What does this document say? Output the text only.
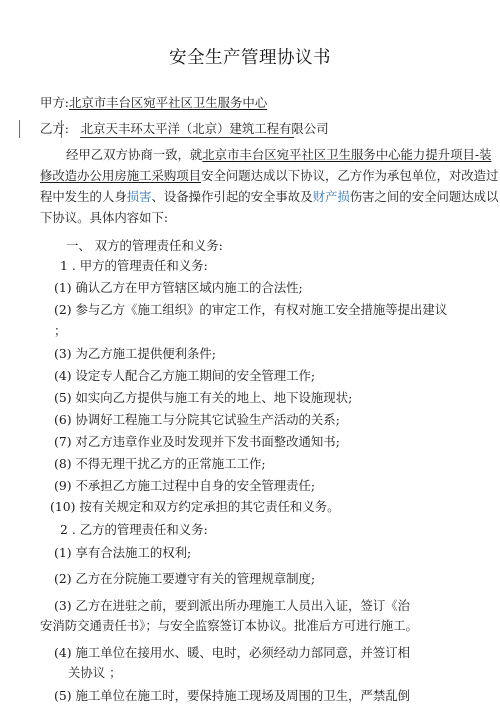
安全生产管理协议书
甲方:北京市丰台区宛平社区卫生服务中心
乙方: 北京天丰环太平洋（北京）建筑工程有限公司
经甲乙双方协商一致，就北京市丰台区宛平社区卫生服务中心能力提升项目-装
修改造办公用房施工采购项目安全问题达成以下协议，乙方作为承包单位，对改造过
程中发生的人身损害、设备操作引起的安全事故及财产损伤害之间的安全问题达成以
下协议。具体内容如下:
一、 双方的管理责任和义务:
1 . 甲方的管理责任和义务:
(1) 确认乙方在甲方管辖区域内施工的合法性;
(2) 参与乙方《施工组织》的审定工作，有权对施工安全措施等提出建议
；
(3) 为乙方施工提供便利条件;
(4) 设定专人配合乙方施工期间的安全管理工作;
(5) 如实向乙方提供与施工有关的地上、地下设施现状;
(6) 协调好工程施工与分院其它试验生产活动的关系;
(7) 对乙方违章作业及时发现并下发书面整改通知书;
(8) 不得无理干扰乙方的正常施工工作;
(9) 不承担乙方施工过程中自身的安全管理责任;
(10) 按有关规定和双方约定承担的其它责任和义务。
2 . 乙方的管理责任和义务:
(1) 享有合法施工的权利;
(2) 乙方在分院施工要遵守有关的管理规章制度;
(3) 乙方在进驻之前，要到派出所办理施工人员出入证，签订《治
安消防交通责任书》；与安全监察签订本协议。批准后方可进行施工。
(4) 施工单位在接用水、暖、电时，必须经动力部同意，并签订相
关协议 ；
(5) 施工单位在施工时，要保持施工现场及周围的卫生，严禁乱倒
